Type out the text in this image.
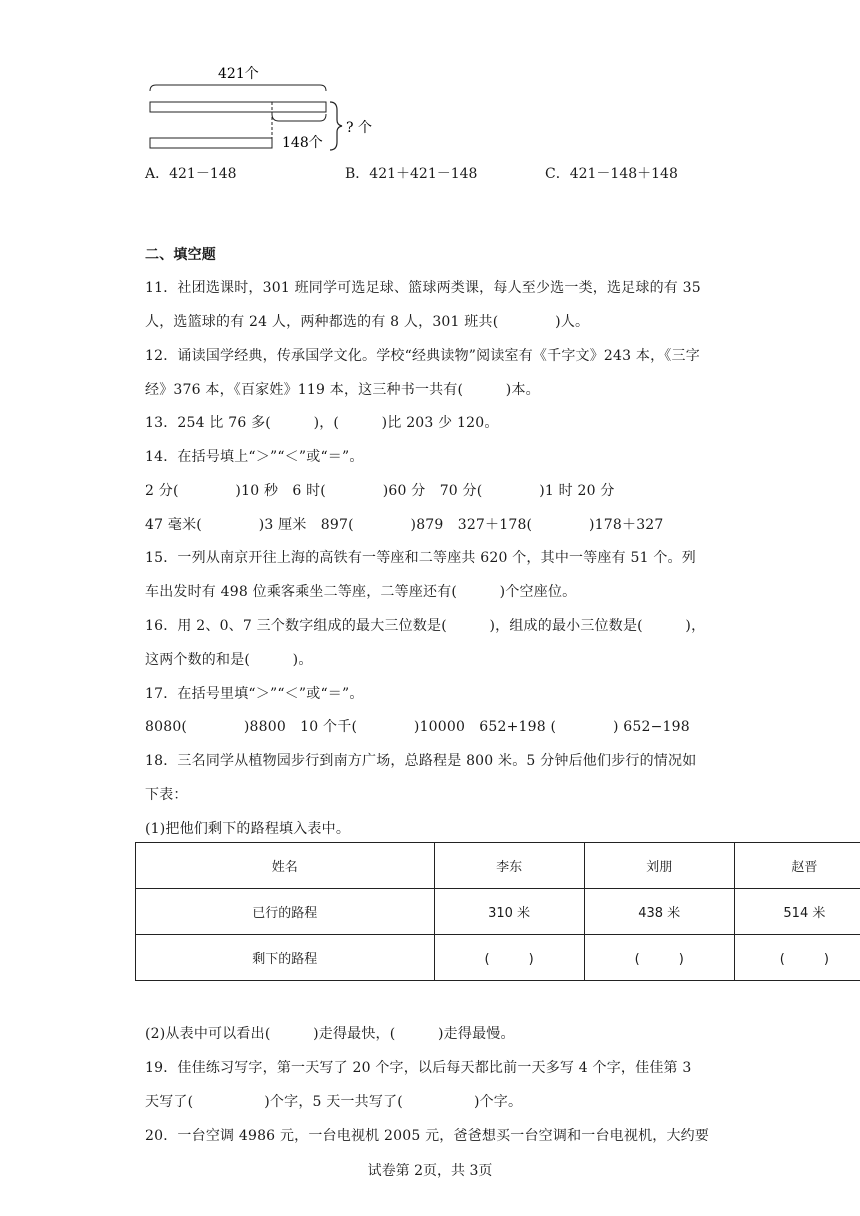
421个
148个
? 个
A．421－148	B．421＋421－148	C．421－148＋148
二、填空题
11．社团选课时，301 班同学可选足球、篮球两类课，每人至少选一类，选足球的有 35
人，选篮球的有 24 人，两种都选的有 8 人，301 班共(　　　　)人。
12．诵读国学经典，传承国学文化。学校“经典读物”阅读室有《千字文》243 本，《三字
经》376 本，《百家姓》119 本，这三种书一共有(　　　)本。
13．254 比 76 多(　　　)，(　　　)比 203 少 120。
14．在括号填上“＞”“＜”或“＝”。
2 分(　　　　)10 秒　6 时(　　　　)60 分　70 分(　　　　)1 时 20 分
47 毫米(　　　　)3 厘米　897(　　　　)879　327＋178(　　　　)178＋327
15．一列从南京开往上海的高铁有一等座和二等座共 620 个，其中一等座有 51 个。列
车出发时有 498 位乘客乘坐二等座，二等座还有(　　　)个空座位。
16．用 2、0、7 三个数字组成的最大三位数是(　　　)，组成的最小三位数是(　　　)，
这两个数的和是(　　　)。
17．在括号里填“＞”“＜”或“＝”。
8080(　　　　)8800　10 个千(　　　　)10000　652+198 (　　　　) 652−198
18．三名同学从植物园步行到南方广场，总路程是 800 米。5 分钟后他们步行的情况如
下表：
(1)把他们剩下的路程填入表中。
姓名	李东	刘朋	赵晋
已行的路程	310 米	438 米	514 米
剩下的路程	(　　　)	(　　　)	(　　　)
(2)从表中可以看出(　　　)走得最快，(　　　)走得最慢。
19．佳佳练习写字，第一天写了 20 个字，以后每天都比前一天多写 4 个字，佳佳第 3
天写了(　　　　　)个字，5 天一共写了(　　　　　)个字。
20．一台空调 4986 元，一台电视机 2005 元，爸爸想买一台空调和一台电视机，大约要
试卷第 2页，共 3页
